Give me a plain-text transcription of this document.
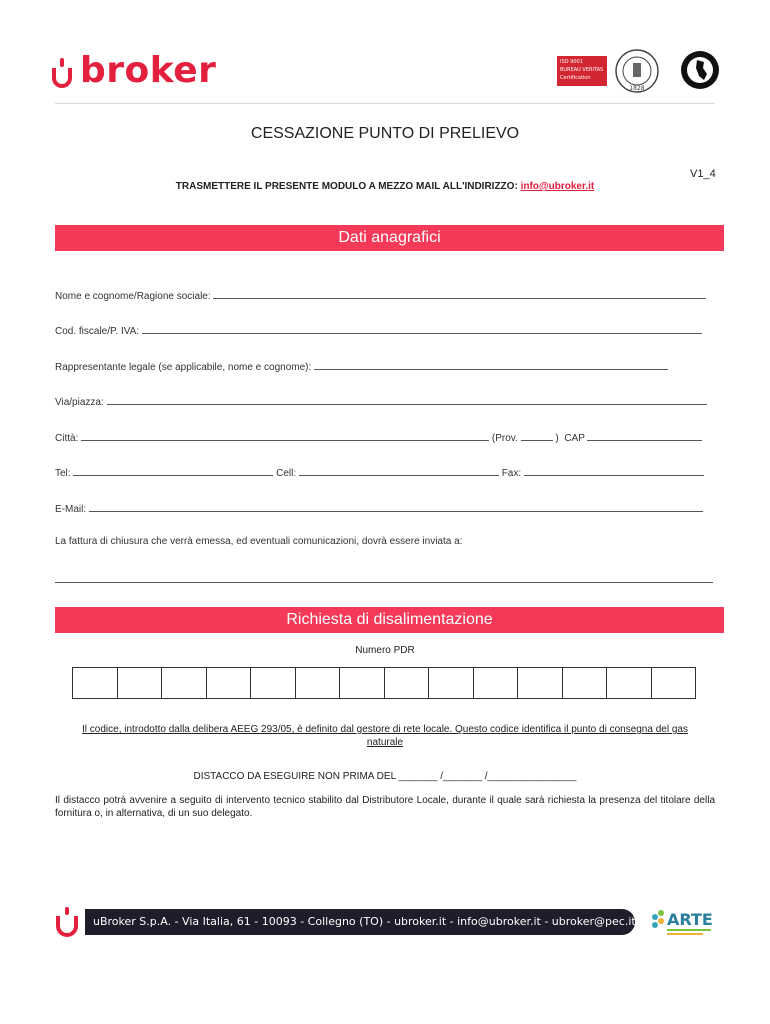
broker	ISO 9001
BUREAU VERITAS
Certification
1828
CESSAZIONE PUNTO DI PRELIEVO
V1_4
TRASMETTERE IL PRESENTE MODULO A MEZZO MAIL ALL'INDIRIZZO: info@ubroker.it
Dati anagrafici
Nome e cognome/Ragione sociale:
Cod. fiscale/P. IVA:
Rappresentante legale (se applicabile, nome e cognome):
Via/piazza:
Città:	(Prov.	) CAP
Tel:	Cell:	Fax:
E-Mail:
La fattura di chiusura che verrà emessa, ed eventuali comunicazioni, dovrà essere inviata a:
Richiesta di disalimentazione
Numero PDR
Il codice, introdotto dalla delibera AEEG 293/05, è definito dal gestore di rete locale. Questo codice identifica il punto di consegna del gas naturale
DISTACCO DA ESEGUIRE NON PRIMA DEL _______ /_______ /________________
Il distacco potrà avvenire a seguito di intervento tecnico stabilito dal Distributore Locale, durante il quale sarà richiesta la presenza del titolare della fornitura o, in alternativa, di un suo delegato.
uBroker S.p.A. - Via Italia, 61 - 10093 - Collegno (TO) - ubroker.it - info@ubroker.it - ubroker@pec.it ARTE
